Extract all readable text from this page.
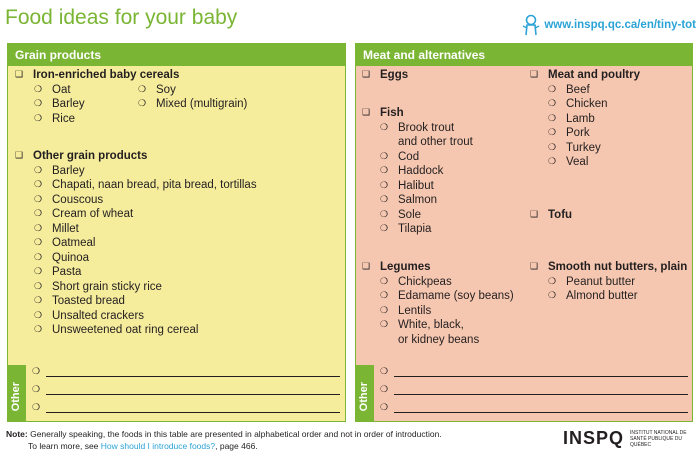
Food ideas for your baby	www.inspq.qc.ca/en/tiny-tot
Grain products
❑ Iron-enriched baby cereals
❍ Oat
❍ Barley
❍ Rice
❍ Soy
❍ Mixed (multigrain)
❑ Other grain products
❍ Barley
❍ Chapati, naan bread, pita bread, tortillas
❍ Couscous
❍ Cream of wheat
❍ Millet
❍ Oatmeal
❍ Quinoa
❍ Pasta
❍ Short grain sticky rice
❍ Toasted bread
❍ Unsalted crackers
❍ Unsweetened oat ring cereal
Other
❍
❍
❍
Meat and alternatives
❑ Eggs
❑ Fish
❍ Brook trout
and other trout
❍ Cod
❍ Haddock
❍ Halibut
❍ Salmon
❍ Sole
❍ Tilapia
❑ Legumes
❍ Chickpeas
❍ Edamame (soy beans)
❍ Lentils
❍ White, black,
or kidney beans
❑ Meat and poultry
❍ Beef
❍ Chicken
❍ Lamb
❍ Pork
❍ Turkey
❍ Veal
❑ Tofu
❑ Smooth nut butters, plain
❍ Peanut butter
❍ Almond butter
Other
❍
❍
❍
Note: Generally speaking, the foods in this table are presented in alphabetical order and not in order of introduction.
To learn more, see How should I introduce foods?, page 466.	INSPQ INSTITUT NATIONAL DE SANTÉ PUBLIQUE DU QUÉBEC
